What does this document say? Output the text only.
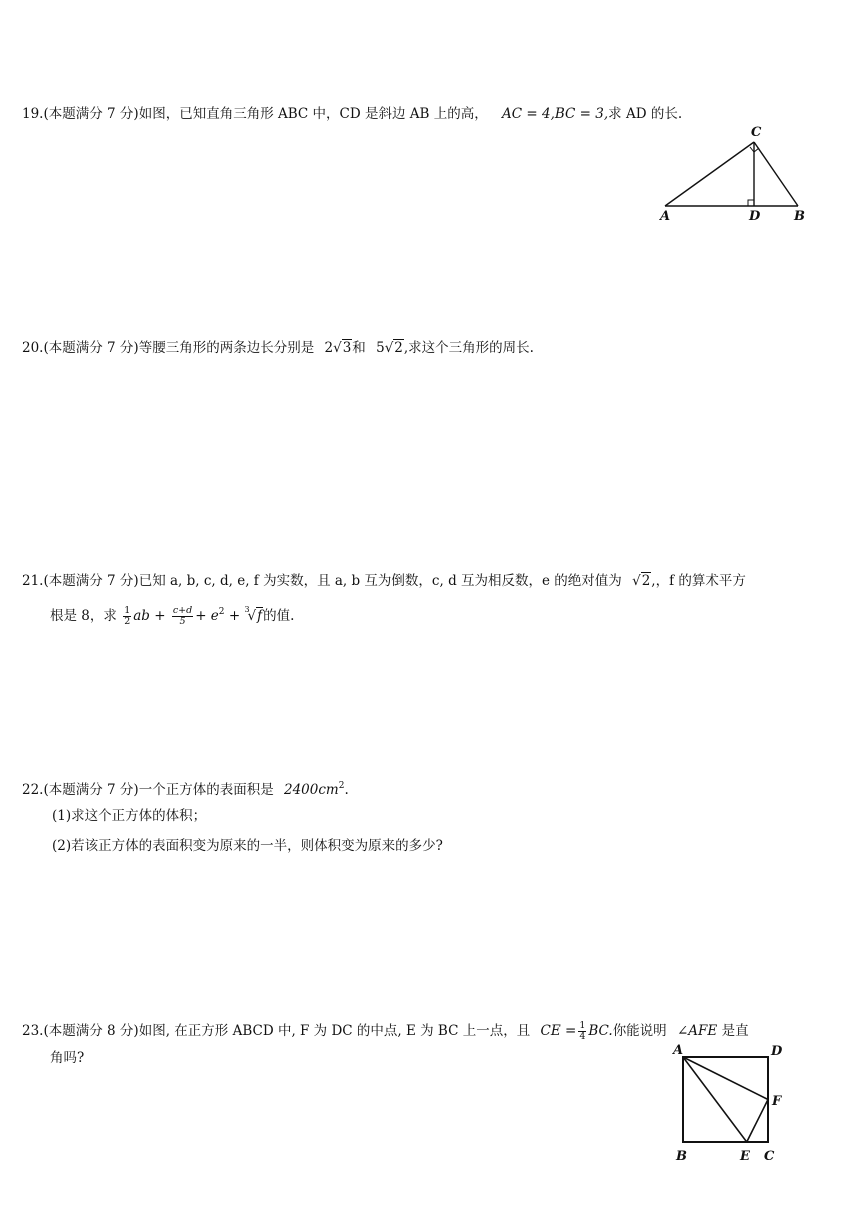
19.(本题满分 7 分)如图，已知直角三角形 ABC 中，CD 是斜边 AB 上的高， AC = 4,BC = 3,求 AD 的长.
C
A	D	B
20.(本题满分 7 分)等腰三角形的两条边长分别是 2√3和 5√2,求这个三角形的周长.
21.(本题满分 7 分)已知 a, b, c, d, e, f 为实数，且 a, b 互为倒数，c, d 互为相反数，e 的绝对值为 √2,，f 的算术平方
根是 8，求 $\frac{1}{2}$ ab + $\frac{c+d}{5} + e^2 + ^3√f$的值.
22.(本题满分 7 分)一个正方体的表面积是 $2400cm^2$.
(1)求这个正方体的体积；
(2)若该正方体的表面积变为原来的一半，则体积变为原来的多少?
23.(本题满分 8 分)如图, 在正方形 ABCD 中, F 为 DC 的中点, E 为 BC 上一点，且 CE = $\frac{1}{4}$ BC.你能说明 ∠AFE 是直
角吗?	A	D
F
B	E C
